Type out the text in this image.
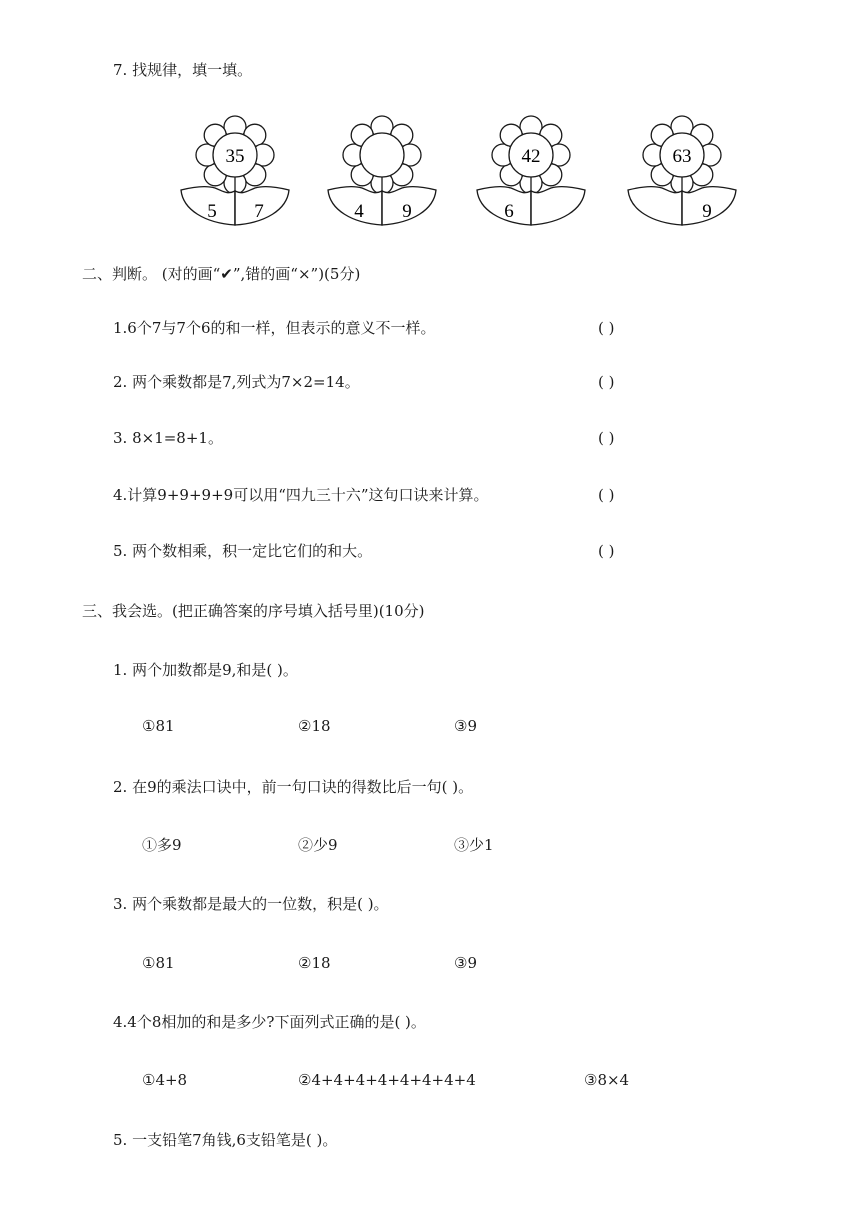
7. 找规律，填一填。
35
5 7	4 9
42
6
63
9
二、判断。 (对的画“✔”,错的画“×”)(5分)
1.6个7与7个6的和一样，但表示的意义不一样。	( )
2. 两个乘数都是7,列式为7×2=14。	( )
3. 8×1=8+1。	( )
4.计算9+9+9+9可以用“四九三十六”这句口诀来计算。	( )
5. 两个数相乘，积一定比它们的和大。	( )
三、我会选。(把正确答案的序号填入括号里)(10分)
1. 两个加数都是9,和是( )。
①81	②18	③9
2. 在9的乘法口诀中，前一句口诀的得数比后一句( )。
①多9	②少9	③少1
3. 两个乘数都是最大的一位数，积是( )。
①81	②18	③9
4.4个8相加的和是多少?下面列式正确的是( )。
①4+8	②4+4+4+4+4+4+4+4	③8×4
5. 一支铅笔7角钱,6支铅笔是( )。
